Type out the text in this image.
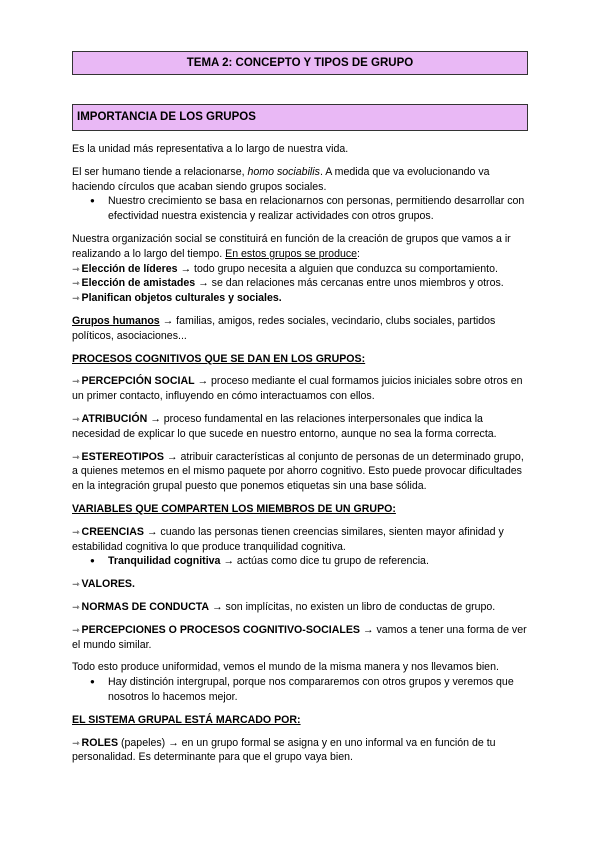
TEMA 2: CONCEPTO Y TIPOS DE GRUPO
IMPORTANCIA DE LOS GRUPOS

Es la unidad más representativa a lo largo de nuestra vida.

El ser humano tiende a relacionarse, homo sociabilis. A medida que va evolucionando va haciendo círculos que acaban siendo grupos sociales.

● Nuestro crecimiento se basa en relacionarnos con personas, permitiendo desarrollar con efectividad nuestra existencia y realizar actividades con otros grupos.

Nuestra organización social se constituirá en función de la creación de grupos que vamos a ir realizando a lo largo del tiempo. En estos grupos se produce:

⇾ Elección de líderes → todo grupo necesita a alguien que conduzca su comportamiento.

⇾ Elección de amistades → se dan relaciones más cercanas entre unos miembros y otros.

⇾ Planifican objetos culturales y sociales.

Grupos humanos → familias, amigos, redes sociales, vecindario, clubs sociales, partidos políticos, asociaciones...

PROCESOS COGNITIVOS QUE SE DAN EN LOS GRUPOS:

⇾ PERCEPCIÓN SOCIAL → proceso mediante el cual formamos juicios iniciales sobre otros en un primer contacto, influyendo en cómo interactuamos con ellos.

⇾ ATRIBUCIÓN → proceso fundamental en las relaciones interpersonales que indica la necesidad de explicar lo que sucede en nuestro entorno, aunque no sea la forma correcta.

⇾ ESTEREOTIPOS → atribuir características al conjunto de personas de un determinado grupo, a quienes metemos en el mismo paquete por ahorro cognitivo. Esto puede provocar dificultades en la integración grupal puesto que ponemos etiquetas sin una base sólida.

VARIABLES QUE COMPARTEN LOS MIEMBROS DE UN GRUPO:

⇾ CREENCIAS → cuando las personas tienen creencias similares, sienten mayor afinidad y estabilidad cognitiva lo que produce tranquilidad cognitiva.

● Tranquilidad cognitiva → actúas como dice tu grupo de referencia.

⇾ VALORES.

⇾ NORMAS DE CONDUCTA → son implícitas, no existen un libro de conductas de grupo.

⇾ PERCEPCIONES O PROCESOS COGNITIVO-SOCIALES → vamos a tener una forma de ver el mundo similar.

Todo esto produce uniformidad, vemos el mundo de la misma manera y nos llevamos bien.

● Hay distinción intergrupal, porque nos compararemos con otros grupos y veremos que nosotros lo hacemos mejor.

EL SISTEMA GRUPAL ESTÁ MARCADO POR:

⇾ ROLES (papeles) → en un grupo formal se asigna y en uno informal va en función de tu personalidad. Es determinante para que el grupo vaya bien.
